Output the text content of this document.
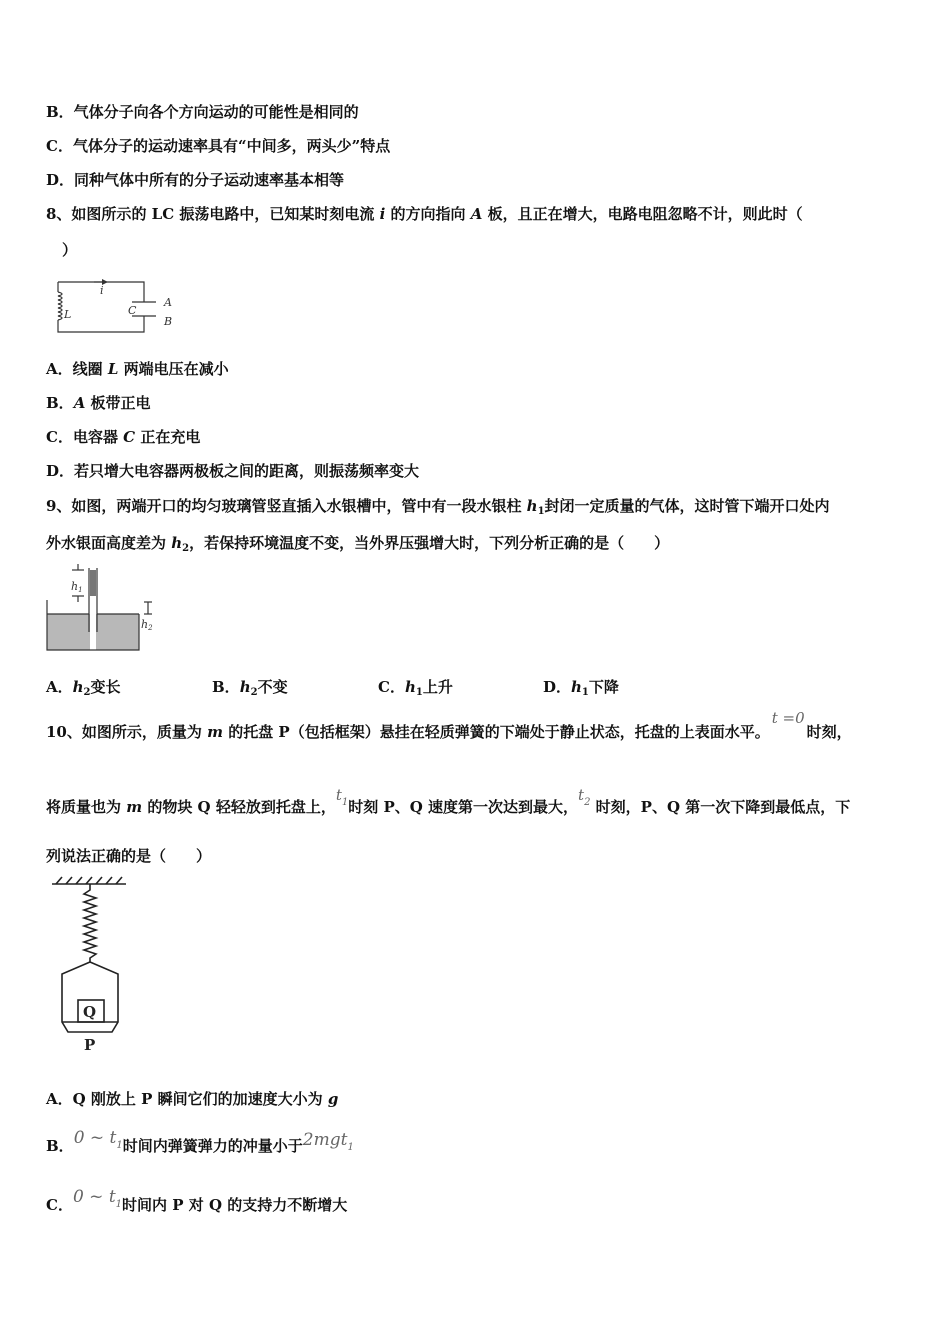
B．气体分子向各个方向运动的可能性是相同的
C．气体分子的运动速率具有“中间多，两头少”特点
D．同种气体中所有的分子运动速率基本相等
8、如图所示的 LC 振荡电路中，已知某时刻电流 i 的方向指向 A 板，且正在增大，电路电阻忽略不计，则此时（
）
i
L	C
A
B
A．线圈 L 两端电压在减小
B．A 板带正电
C．电容器 C 正在充电
D．若只增大电容器两极板之间的距离，则振荡频率变大
9、如图，两端开口的均匀玻璃管竖直插入水银槽中，管中有一段水银柱 $h_1$封闭一定质量的气体，这时管下端开口处内
外水银面高度差为 $h_2$，若保持环境温度不变，当外界压强增大时，下列分析正确的是（　　）
h1
h2
A．$h_2$变长	B．$h_2$不变	C．$h_1$上升	D．$h_1$下降
10、如图所示，质量为 m 的托盘 P（包括框架）悬挂在轻质弹簧的下端处于静止状态，托盘的上表面水平。t =0时刻，
将质量也为 m 的物块 Q 轻轻放到托盘上，$t^1$时刻 P、Q 速度第一次达到最大，$t^2$ 时刻，P、Q 第一次下降到最低点，下
列说法正确的是（　　）
Q
P
A．Q 刚放上 P 瞬间它们的加速度大小为 g
B．0 ~ $t^1$时间内弹簧弹力的冲量小于2mgt$_1$
C．0 ~ $t^1$时间内 P 对 Q 的支持力不断增大
